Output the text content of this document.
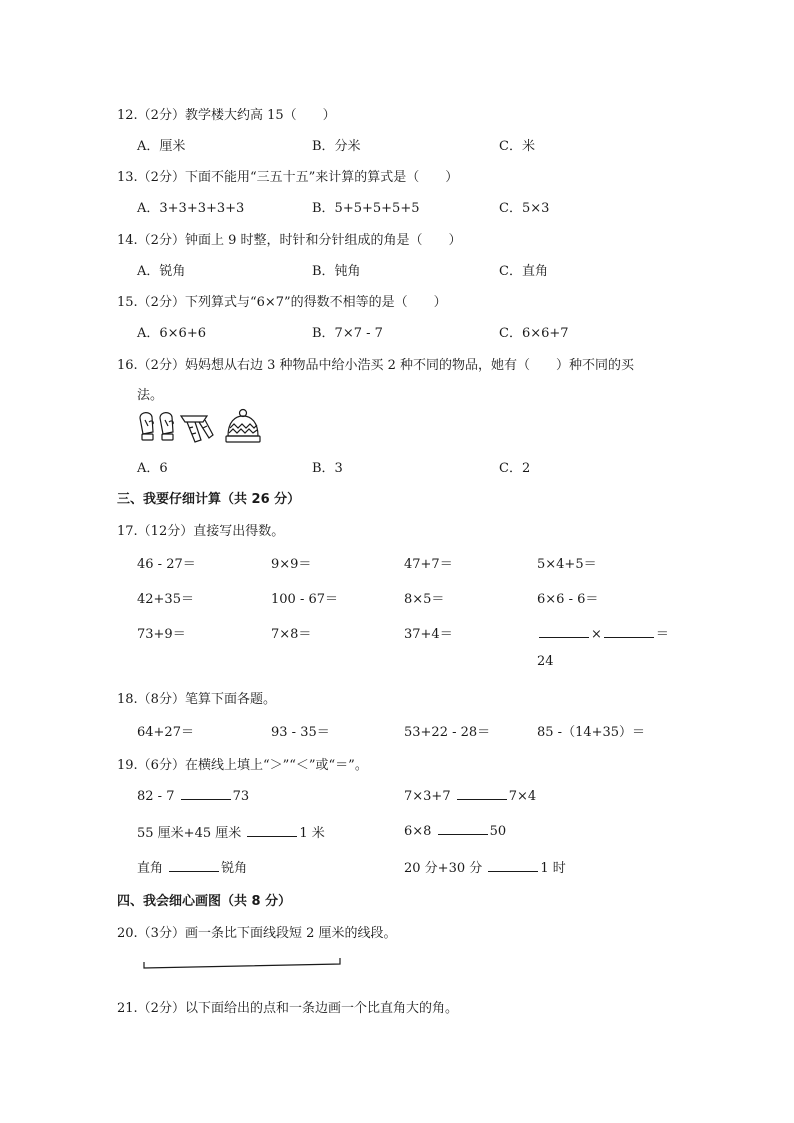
12.（2分）教学楼大约高 15（　　）
A．厘米	B．分米	C．米
13.（2分）下面不能用“三五十五”来计算的算式是（　　）
A．3+3+3+3+3	B．5+5+5+5+5	C．5×3
14.（2分）钟面上 9 时整，时针和分针组成的角是（　　）
A．锐角	B．钝角	C．直角
15.（2分）下列算式与“6×7”的得数不相等的是（　　）
A．6×6+6	B．7×7 - 7	C．6×6+7
16.（2分）妈妈想从右边 3 种物品中给小浩买 2 种不同的物品，她有（　　）种不同的买
法。
A．6	B．3	C．2
三、我要仔细计算（共 26 分）
17.（12分）直接写出得数。
46 - 27＝	9×9＝	47+7＝	5×4+5＝
42+35＝	100 - 67＝	8×5＝	6×6 - 6＝
73+9＝	7×8＝	37+4＝	×	＝
24
18.（8分）笔算下面各题。
64+27＝	93 - 35＝	53+22 - 28＝	85 -（14+35）＝
19.（6分）在横线上填上“＞”“＜”或“＝”。
82 - 7	73	7×3+7	7×4
55 厘米+45 厘米	1 米	6×8	50
直角	锐角	20 分+30 分	1 时
四、我会细心画图（共 8 分）
20.（3分）画一条比下面线段短 2 厘米的线段。
21.（2分）以下面给出的点和一条边画一个比直角大的角。
